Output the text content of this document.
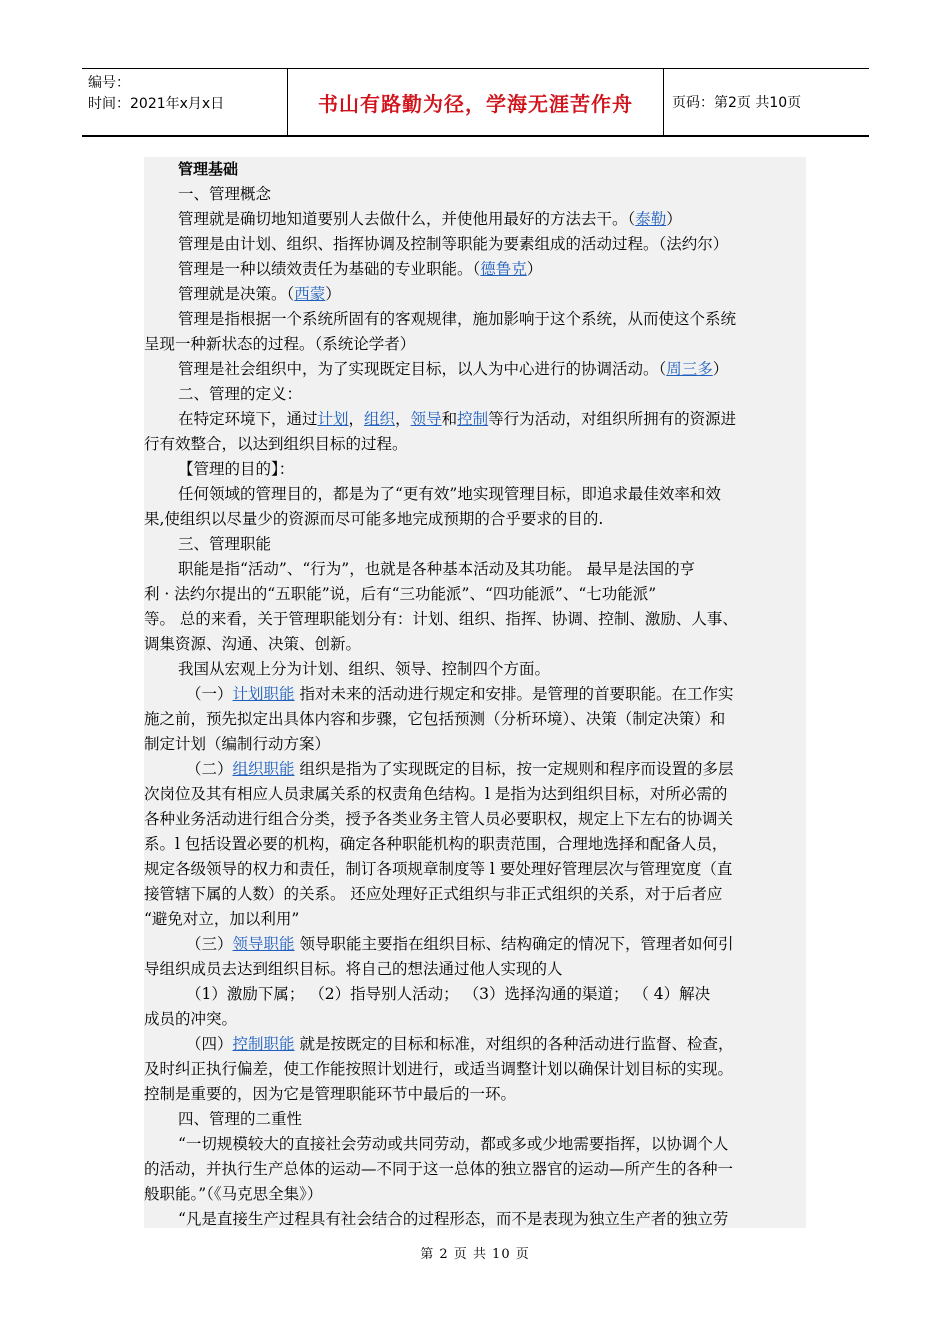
编号：
时间：2021年x月x日	书山有路勤为径，学海无涯苦作舟	页码：第2页 共10页

管理基础

一、管理概念

管理就是确切地知道要别人去做什么，并使他用最好的方法去干。（泰勒）

管理是由计划、组织、指挥协调及控制等职能为要素组成的活动过程。（法约尔）

管理是一种以绩效责任为基础的专业职能。（德鲁克）

管理就是决策。（西蒙）

管理是指根据一个系统所固有的客观规律，施加影响于这个系统，从而使这个系统

呈现一种新状态的过程。（系统论学者）

管理是社会组织中，为了实现既定目标，以人为中心进行的协调活动。（周三多）

二、管理的定义：

在特定环境下，通过计划，组织，领导和控制等行为活动，对组织所拥有的资源进

行有效整合，以达到组织目标的过程。

【管理的目的】：

任何领域的管理目的，都是为了“更有效”地实现管理目标，即追求最佳效率和效

果,使组织以尽量少的资源而尽可能多地完成预期的合乎要求的目的.

三、管理职能

职能是指“活动”、“行为”，也就是各种基本活动及其功能。 最早是法国的亨

利 · 法约尔提出的“五职能”说，后有“三功能派”、“四功能派”、“七功能派”

等。 总的来看，关于管理职能划分有：计划、组织、指挥、协调、控制、激励、人事、

调集资源、沟通、决策、创新。

我国从宏观上分为计划、组织、领导、控制四个方面。

（一）计划职能 指对未来的活动进行规定和安排。是管理的首要职能。在工作实

施之前，预先拟定出具体内容和步骤，它包括预测（分析环境）、决策（制定决策）和

制定计划（编制行动方案）

（二）组织职能 组织是指为了实现既定的目标，按一定规则和程序而设置的多层

次岗位及其有相应人员隶属关系的权责角色结构。l 是指为达到组织目标，对所必需的

各种业务活动进行组合分类，授予各类业务主管人员必要职权，规定上下左右的协调关

系。l 包括设置必要的机构，确定各种职能机构的职责范围，合理地选择和配备人员，

规定各级领导的权力和责任，制订各项规章制度等 l 要处理好管理层次与管理宽度（直

接管辖下属的人数）的关系。 还应处理好正式组织与非正式组织的关系，对于后者应

“避免对立，加以利用”

（三）领导职能 领导职能主要指在组织目标、结构确定的情况下，管理者如何引

导组织成员去达到组织目标。将自己的想法通过他人实现的人

（1）激励下属； （2）指导别人活动； （3）选择沟通的渠道； （ 4）解决

成员的冲突。

（四）控制职能 就是按既定的目标和标准，对组织的各种活动进行监督、检查，

及时纠正执行偏差，使工作能按照计划进行，或适当调整计划以确保计划目标的实现。

控制是重要的，因为它是管理职能环节中最后的一环。

四、管理的二重性

“一切规模较大的直接社会劳动或共同劳动，都或多或少地需要指挥，以协调个人

的活动，并执行生产总体的运动—不同于这一总体的独立器官的运动—所产生的各种一

般职能。”（《马克思全集》）

“凡是直接生产过程具有社会结合的过程形态，而不是表现为独立生产者的独立劳

第 2 页 共 10 页
